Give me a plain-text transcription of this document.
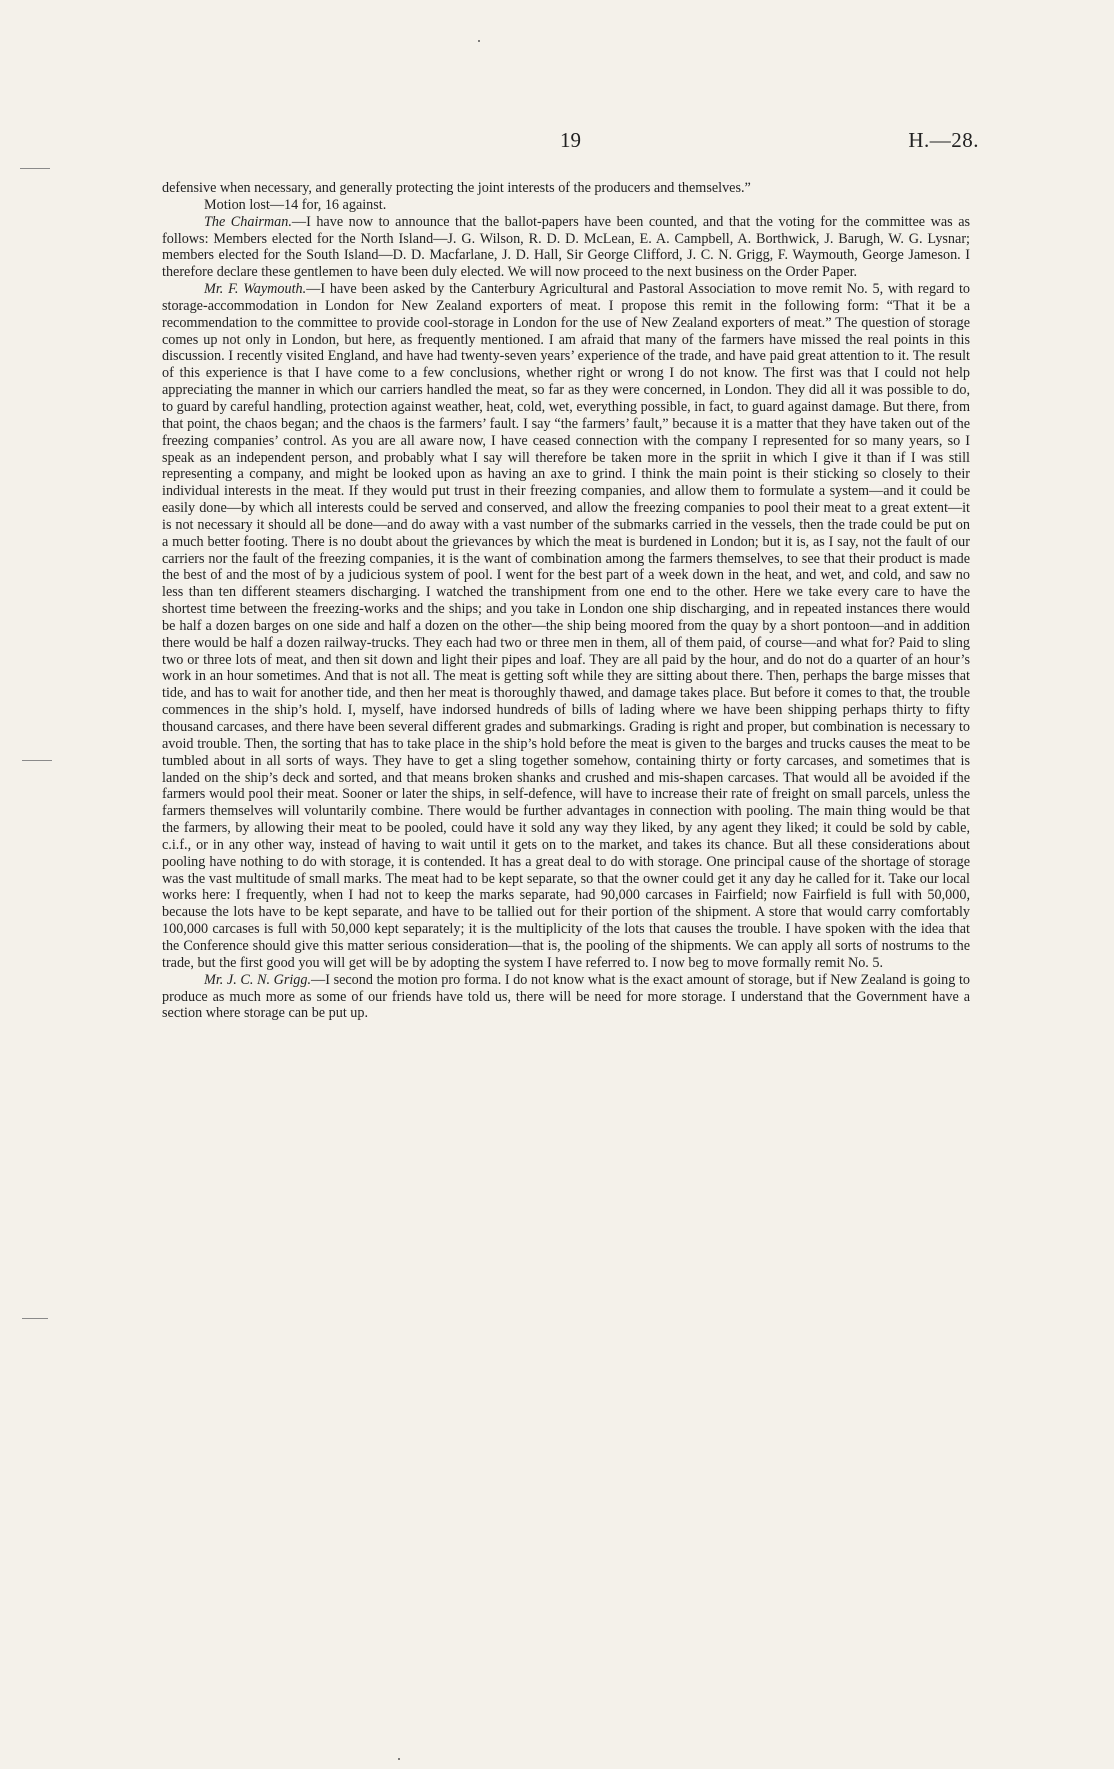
19	H.—28.

defensive when necessary, and generally protecting the joint interests of the producers and themselves.”

Motion lost—14 for, 16 against.

The Chairman.—I have now to announce that the ballot-papers have been counted, and that the voting for the committee was as follows: Members elected for the North Island—J. G. Wilson, R. D. D. McLean, E. A. Campbell, A. Borthwick, J. Barugh, W. G. Lysnar; members elected for the South Island—D. D. Macfarlane, J. D. Hall, Sir George Clifford, J. C. N. Grigg, F. Waymouth, George Jameson. I therefore declare these gentlemen to have been duly elected. We will now proceed to the next business on the Order Paper.

Mr. F. Waymouth.—I have been asked by the Canterbury Agricultural and Pastoral Association to move remit No. 5, with regard to storage-accommodation in London for New Zealand exporters of meat. I propose this remit in the following form: “That it be a recommendation to the committee to provide cool-storage in London for the use of New Zealand exporters of meat.” The question of storage comes up not only in London, but here, as frequently mentioned. I am afraid that many of the farmers have missed the real points in this discussion. I recently visited England, and have had twenty-seven years’ experience of the trade, and have paid great attention to it. The result of this experience is that I have come to a few conclusions, whether right or wrong I do not know. The first was that I could not help appreciating the manner in which our carriers handled the meat, so far as they were concerned, in London. They did all it was possible to do, to guard by careful handling, protection against weather, heat, cold, wet, everything possible, in fact, to guard against damage. But there, from that point, the chaos began; and the chaos is the farmers’ fault. I say “the farmers’ fault,” because it is a matter that they have taken out of the freezing companies’ control. As you are all aware now, I have ceased connection with the company I represented for so many years, so I speak as an independent person, and probably what I say will therefore be taken more in the spriit in which I give it than if I was still representing a company, and might be looked upon as having an axe to grind. I think the main point is their sticking so closely to their individual interests in the meat. If they would put trust in their freezing companies, and allow them to formulate a system—and it could be easily done—by which all interests could be served and conserved, and allow the freezing companies to pool their meat to a great extent—it is not necessary it should all be done—and do away with a vast number of the submarks carried in the vessels, then the trade could be put on a much better footing. There is no doubt about the grievances by which the meat is burdened in London; but it is, as I say, not the fault of our carriers nor the fault of the freezing companies, it is the want of combination among the farmers themselves, to see that their product is made the best of and the most of by a judicious system of pool. I went for the best part of a week down in the heat, and wet, and cold, and saw no less than ten different steamers discharging. I watched the transhipment from one end to the other. Here we take every care to have the shortest time between the freezing-works and the ships; and you take in London one ship discharging, and in repeated instances there would be half a dozen barges on one side and half a dozen on the other—the ship being moored from the quay by a short pontoon—and in addition there would be half a dozen railway-trucks. They each had two or three men in them, all of them paid, of course—and what for? Paid to sling two or three lots of meat, and then sit down and light their pipes and loaf. They are all paid by the hour, and do not do a quarter of an hour’s work in an hour sometimes. And that is not all. The meat is getting soft while they are sitting about there. Then, perhaps the barge misses that tide, and has to wait for another tide, and then her meat is thoroughly thawed, and damage takes place. But before it comes to that, the trouble commences in the ship’s hold. I, myself, have indorsed hundreds of bills of lading where we have been shipping perhaps thirty to fifty thousand carcases, and there have been several different grades and submarkings. Grading is right and proper, but combination is necessary to avoid trouble. Then, the sorting that has to take place in the ship’s hold before the meat is given to the barges and trucks causes the meat to be tumbled about in all sorts of ways. They have to get a sling together somehow, containing thirty or forty carcases, and sometimes that is landed on the ship’s deck and sorted, and that means broken shanks and crushed and mis-shapen carcases. That would all be avoided if the farmers would pool their meat. Sooner or later the ships, in self-defence, will have to increase their rate of freight on small parcels, unless the farmers themselves will voluntarily combine. There would be further advantages in connection with pooling. The main thing would be that the farmers, by allowing their meat to be pooled, could have it sold any way they liked, by any agent they liked; it could be sold by cable, c.i.f., or in any other way, instead of having to wait until it gets on to the market, and takes its chance. But all these considerations about pooling have nothing to do with storage, it is contended. It has a great deal to do with storage. One principal cause of the shortage of storage was the vast multitude of small marks. The meat had to be kept separate, so that the owner could get it any day he called for it. Take our local works here: I frequently, when I had not to keep the marks separate, had 90,000 carcases in Fairfield; now Fairfield is full with 50,000, because the lots have to be kept separate, and have to be tallied out for their portion of the shipment. A store that would carry comfortably 100,000 carcases is full with 50,000 kept separately; it is the multiplicity of the lots that causes the trouble. I have spoken with the idea that the Conference should give this matter serious consideration—that is, the pooling of the shipments. We can apply all sorts of nostrums to the trade, but the first good you will get will be by adopting the system I have referred to. I now beg to move formally remit No. 5.

Mr. J. C. N. Grigg.—I second the motion pro forma. I do not know what is the exact amount of storage, but if New Zealand is going to produce as much more as some of our friends have told us, there will be need for more storage. I understand that the Government have a section where storage can be put up.
